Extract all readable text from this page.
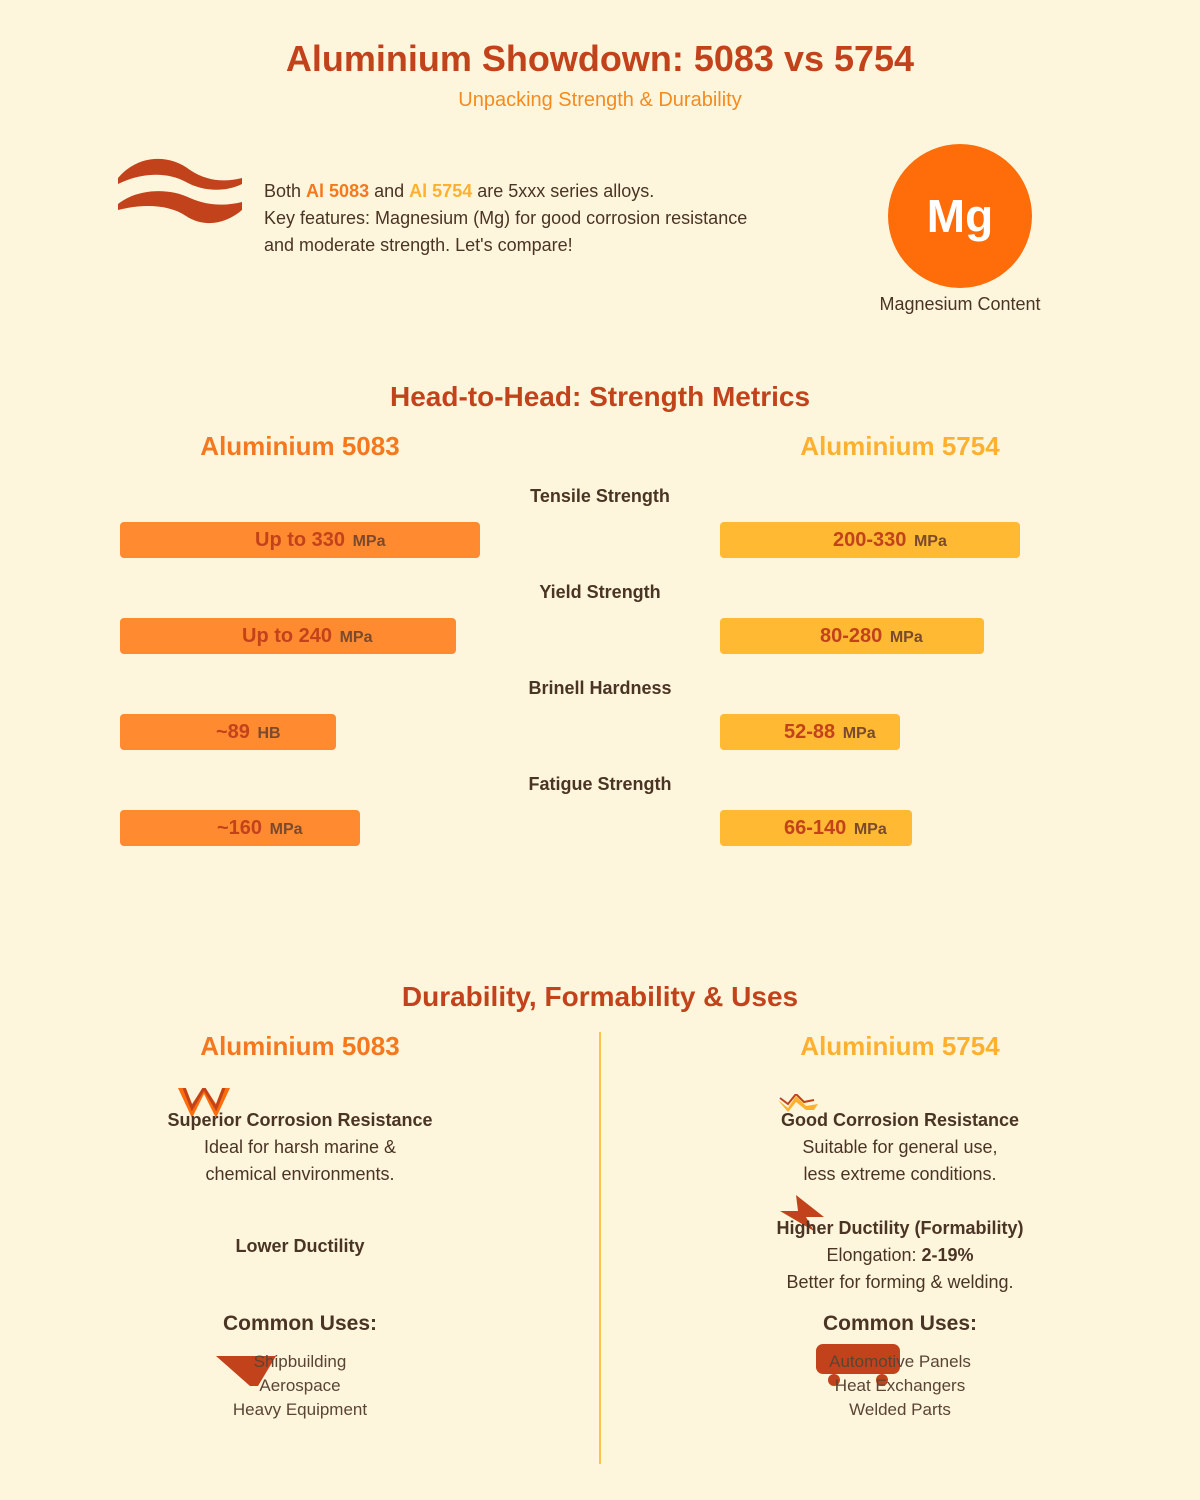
Aluminium Showdown: 5083 vs 5754
Unpacking Strength & Durability
Both Al 5083 and Al 5754 are 5xxx series alloys.
Key features: Magnesium (Mg) for good corrosion resistance
and moderate strength. Let's compare!
Mg
Magnesium Content
Head-to-Head: Strength Metrics
Aluminium 5083	Aluminium 5754
Tensile Strength
Up to 330 MPa	200-330 MPa
Yield Strength
Up to 240 MPa	80-280 MPa
Brinell Hardness
~89 HB	52-88 MPa
Fatigue Strength
~160 MPa	66-140 MPa
Durability, Formability & Uses
Aluminium 5083	Aluminium 5754
Superior Corrosion Resistance
Ideal for harsh marine &
chemical environments.
Lower Ductility
Common Uses:
Shipbuilding
Aerospace
Heavy Equipment
Good Corrosion Resistance
Suitable for general use,
less extreme conditions.
Higher Ductility (Formability)
Elongation: 2-19%
Better for forming & welding.
Common Uses:
Automotive Panels
Heat Exchangers
Welded Parts
